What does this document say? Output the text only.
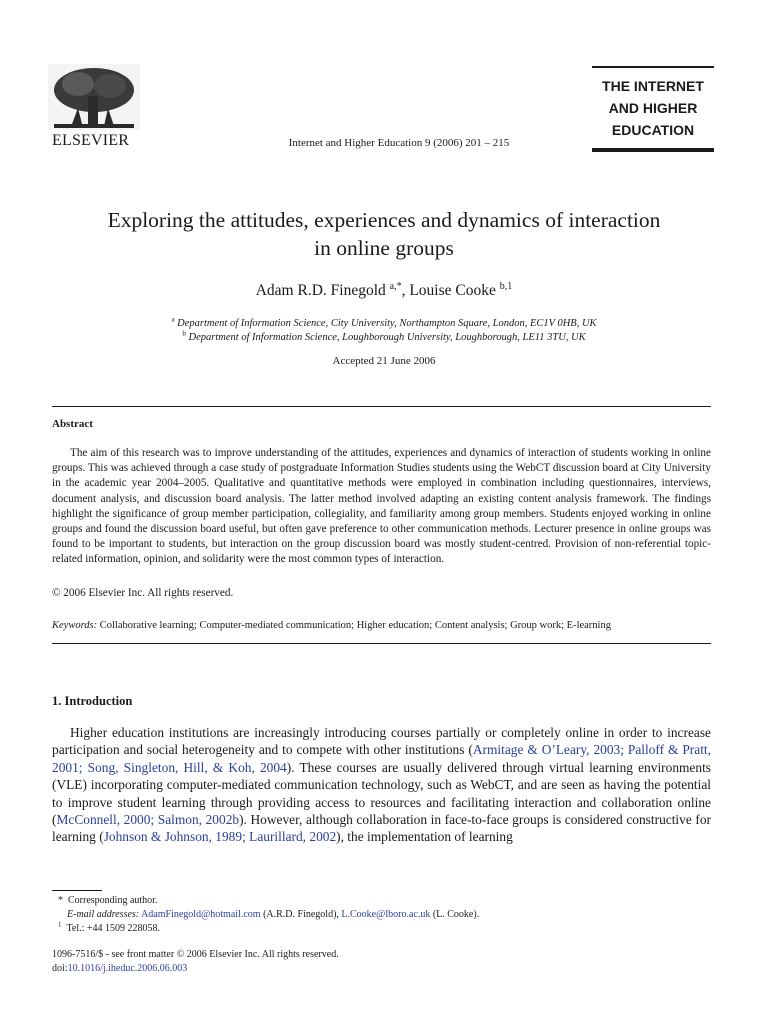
ELSEVIER	Internet and Higher Education 9 (2006) 201 – 215
THE INTERNET
AND HIGHER
EDUCATION
Exploring the attitudes, experiences and dynamics of interaction
in online groups
Adam R.D. Finegold $^{a,*}$, Louise Cooke $^{b,1}$
$^a$ Department of Information Science, City University, Northampton Square, London, EC1V 0HB, UK
$^b$ Department of Information Science, Loughborough University, Loughborough, LE11 3TU, UK
Accepted 21 June 2006
Abstract
The aim of this research was to improve understanding of the attitudes, experiences and dynamics of interaction of students working in online groups. This was achieved through a case study of postgraduate Information Studies students using the WebCT discussion board at City University in the academic year 2004–2005. Qualitative and quantitative methods were employed in combination including questionnaires, interviews, document analysis, and discussion board analysis. The latter method involved adapting an existing content analysis framework. The findings highlight the significance of group member participation, collegiality, and familiarity among group members. Students enjoyed working in online groups and found the discussion board useful, but often gave preference to other communication methods. Lecturer presence in online groups was found to be important to students, but interaction on the group discussion board was mostly student-centred. Provision of non-referential topic-related information, opinion, and solidarity were the most common types of interaction.
© 2006 Elsevier Inc. All rights reserved.
Keywords: Collaborative learning; Computer-mediated communication; Higher education; Content analysis; Group work; E-learning
1. Introduction
Higher education institutions are increasingly introducing courses partially or completely online in order to increase participation and social heterogeneity and to compete with other institutions (Armitage & O’Leary, 2003; Palloff & Pratt, 2001; Song, Singleton, Hill, & Koh, 2004). These courses are usually delivered through virtual learning environments (VLE) incorporating computer-mediated communication technology, such as WebCT, and are seen as having the potential to improve student learning through providing access to resources and facilitating interaction and collaboration online (McConnell, 2000; Salmon, 2002b). However, although collaboration in face-to-face groups is considered constructive for learning (Johnson & Johnson, 1989; Laurillard, 2002), the implementation of learning
* Corresponding author.
E-mail addresses: AdamFinegold@hotmail.com (A.R.D. Finegold), L.Cooke@lboro.ac.uk (L. Cooke).
$^1$ Tel.: +44 1509 228058.
1096-7516/$ - see front matter © 2006 Elsevier Inc. All rights reserved.
doi:10.1016/j.iheduc.2006.06.003
